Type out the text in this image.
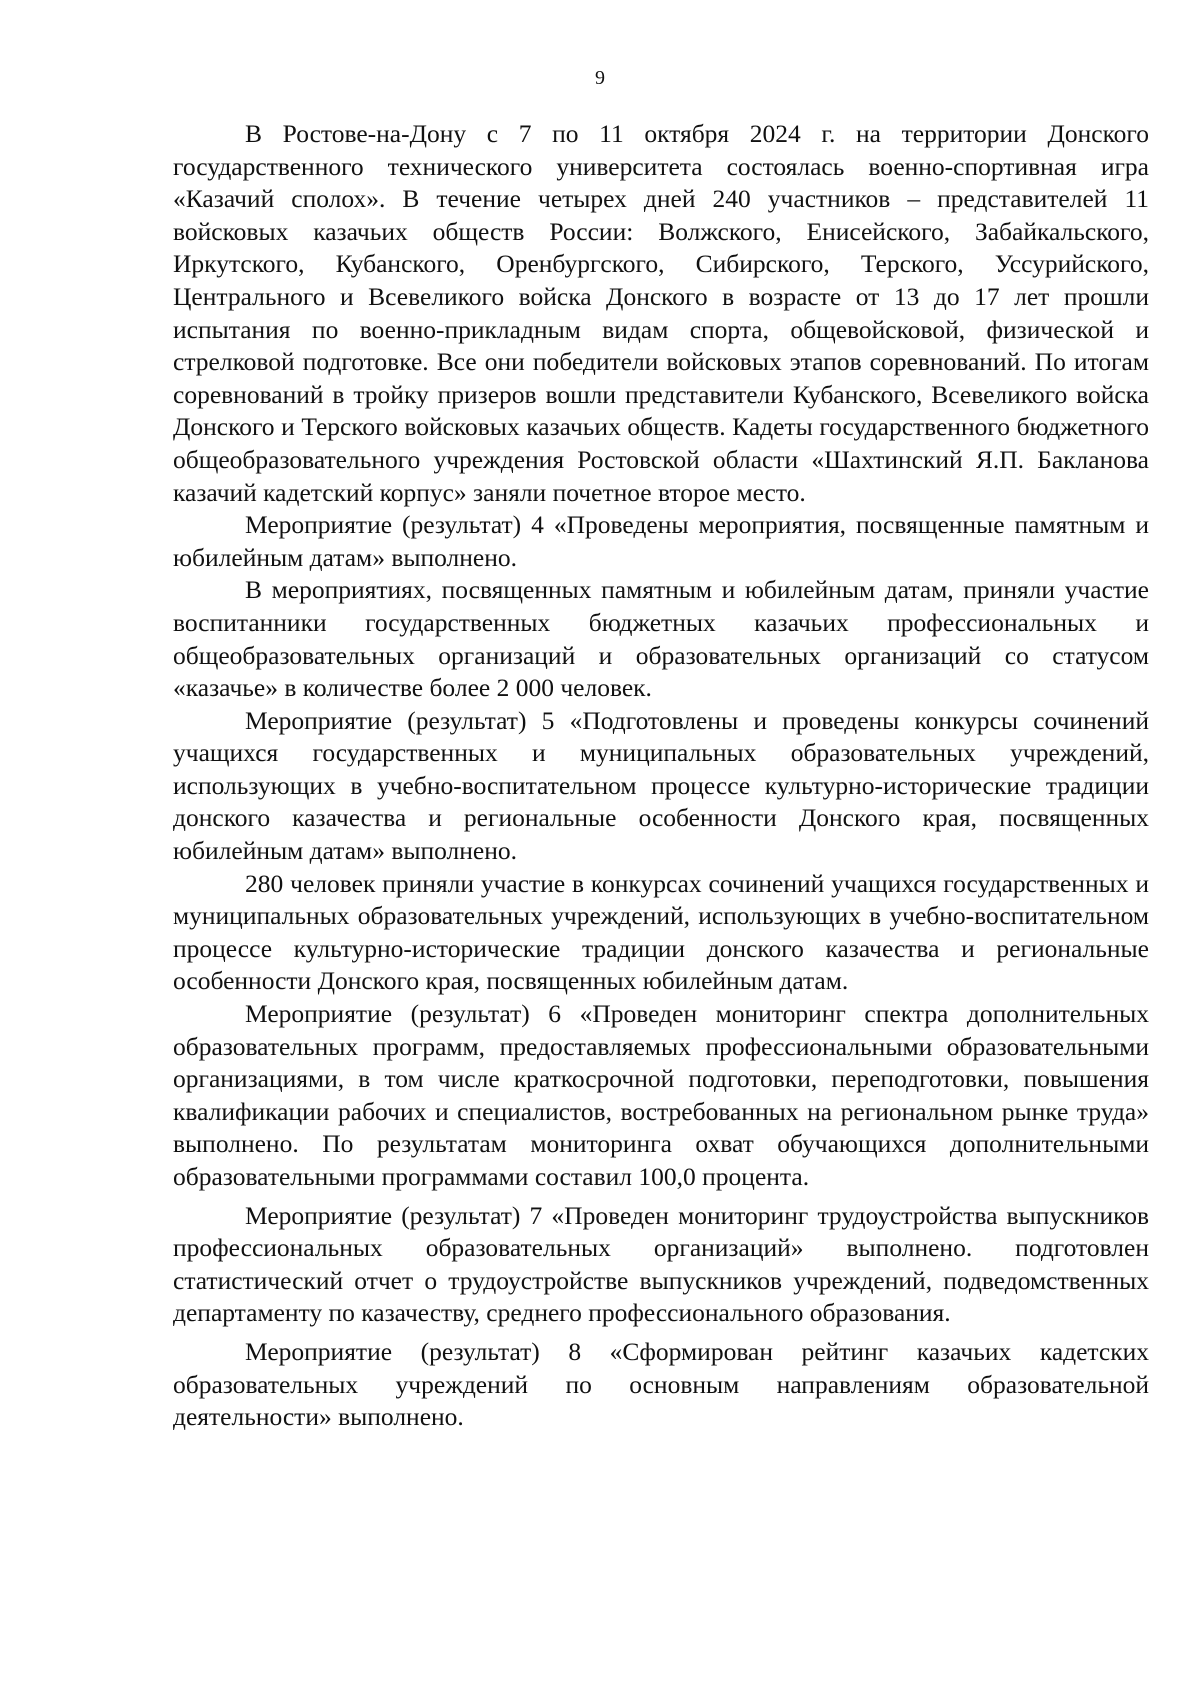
9

В Ростове-на-Дону с 7 по 11 октября 2024 г. на территории Донского государственного технического университета состоялась военно-спортивная игра «Казачий сполох». В течение четырех дней 240 участников – представителей 11 войсковых казачьих обществ России: Волжского, Енисейского, Забайкальского, Иркутского, Кубанского, Оренбургского, Сибирского, Терского, Уссурийского, Центрального и Всевеликого войска Донского в возрасте от 13 до 17 лет прошли испытания по военно-прикладным видам спорта, общевойсковой, физической и стрелковой подготовке. Все они победители войсковых этапов соревнований. По итогам соревнований в тройку призеров вошли представители Кубанского, Всевеликого войска Донского и Терского войсковых казачьих обществ. Кадеты государственного бюджетного общеобразовательного учреждения Ростовской области «Шахтинский Я.П. Бакланова казачий кадетский корпус» заняли почетное второе место.

Мероприятие (результат) 4 «Проведены мероприятия, посвященные памятным и юбилейным датам» выполнено.

В мероприятиях, посвященных памятным и юбилейным датам, приняли участие воспитанники государственных бюджетных казачьих профессиональных и общеобразовательных организаций и образовательных организаций со статусом «казачье» в количестве более 2 000 человек.

Мероприятие (результат) 5 «Подготовлены и проведены конкурсы сочинений учащихся государственных и муниципальных образовательных учреждений, использующих в учебно-воспитательном процессе культурно-исторические традиции донского казачества и региональные особенности Донского края, посвященных юбилейным датам» выполнено.

280 человек приняли участие в конкурсах сочинений учащихся государственных и муниципальных образовательных учреждений, использующих в учебно-воспитательном процессе культурно-исторические традиции донского казачества и региональные особенности Донского края, посвященных юбилейным датам.

Мероприятие (результат) 6 «Проведен мониторинг спектра дополнительных образовательных программ, предоставляемых профессиональными образовательными организациями, в том числе краткосрочной подготовки, переподготовки, повышения квалификации рабочих и специалистов, востребованных на региональном рынке труда» выполнено. По результатам мониторинга охват обучающихся дополнительными образовательными программами составил 100,0 процента.

Мероприятие (результат) 7 «Проведен мониторинг трудоустройства выпускников профессиональных образовательных организаций» выполнено. подготовлен статистический отчет о трудоустройстве выпускников учреждений, подведомственных департаменту по казачеству, среднего профессионального образования.

Мероприятие (результат) 8 «Сформирован рейтинг казачьих кадетских образовательных учреждений по основным направлениям образовательной деятельности» выполнено.
